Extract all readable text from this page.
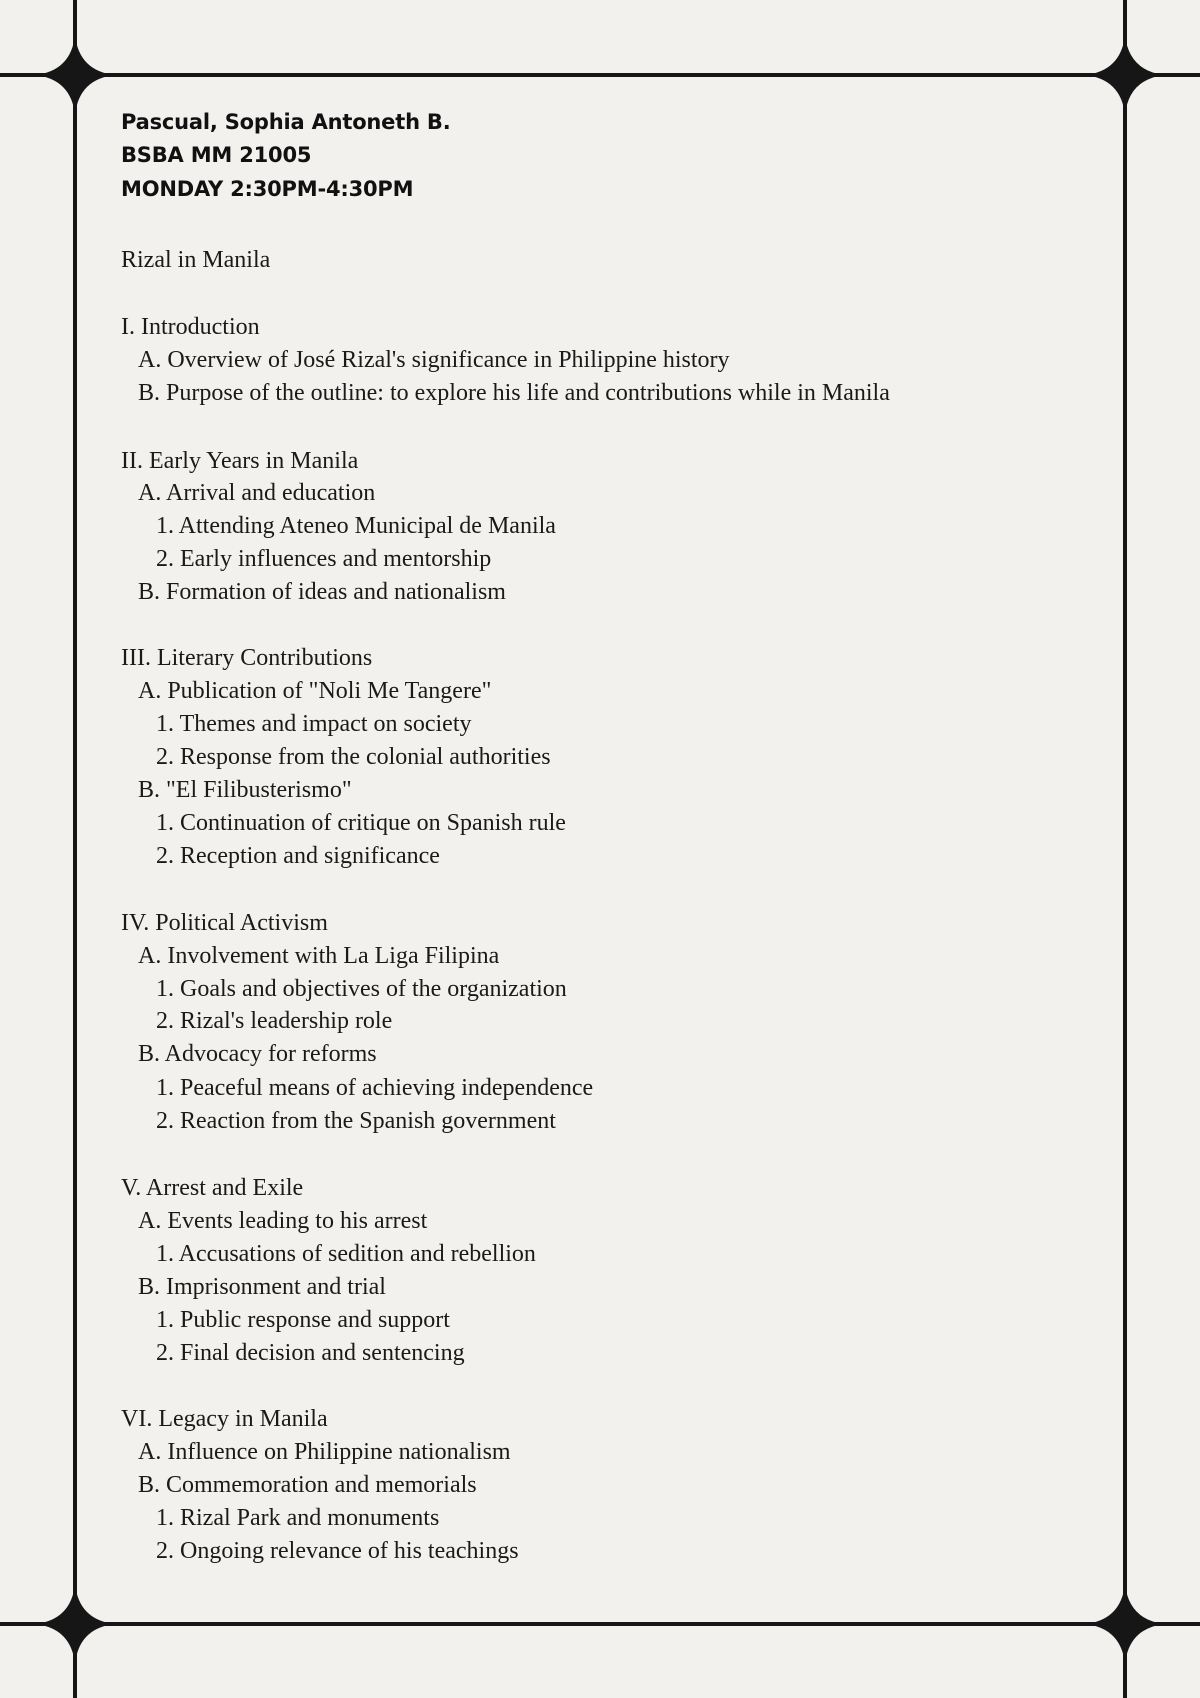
Pascual, Sophia Antoneth B.
BSBA MM 21005
MONDAY 2:30PM-4:30PM
Rizal in Manila
I. Introduction
A. Overview of José Rizal's significance in Philippine history
B. Purpose of the outline: to explore his life and contributions while in Manila
II. Early Years in Manila
A. Arrival and education
1. Attending Ateneo Municipal de Manila
2. Early influences and mentorship
B. Formation of ideas and nationalism
III. Literary Contributions
A. Publication of "Noli Me Tangere"
1. Themes and impact on society
2. Response from the colonial authorities
B. "El Filibusterismo"
1. Continuation of critique on Spanish rule
2. Reception and significance
IV. Political Activism
A. Involvement with La Liga Filipina
1. Goals and objectives of the organization
2. Rizal's leadership role
B. Advocacy for reforms
1. Peaceful means of achieving independence
2. Reaction from the Spanish government
V. Arrest and Exile
A. Events leading to his arrest
1. Accusations of sedition and rebellion
B. Imprisonment and trial
1. Public response and support
2. Final decision and sentencing
VI. Legacy in Manila
A. Influence on Philippine nationalism
B. Commemoration and memorials
1. Rizal Park and monuments
2. Ongoing relevance of his teachings
